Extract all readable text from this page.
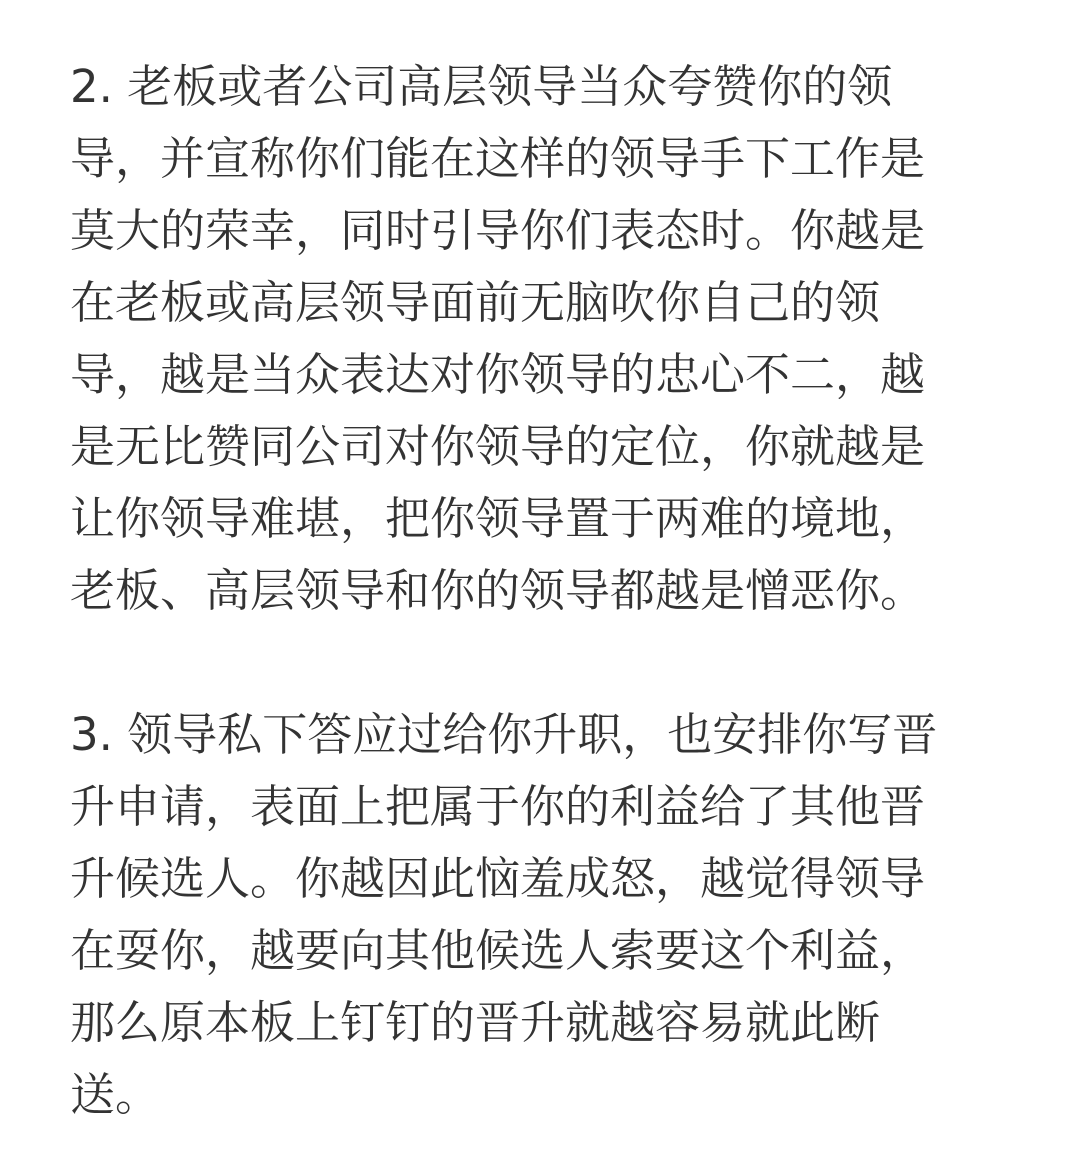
2. 老板或者公司高层领导当众夸赞你的领
导，并宣称你们能在这样的领导手下工作是
莫大的荣幸，同时引导你们表态时。你越是
在老板或高层领导面前无脑吹你自己的领
导，越是当众表达对你领导的忠心不二，越
是无比赞同公司对你领导的定位，你就越是
让你领导难堪，把你领导置于两难的境地，
老板、高层领导和你的领导都越是憎恶你。
3. 领导私下答应过给你升职，也安排你写晋
升申请，表面上把属于你的利益给了其他晋
升候选人。你越因此恼羞成怒，越觉得领导
在耍你，越要向其他候选人索要这个利益，
那么原本板上钉钉的晋升就越容易就此断
送。
